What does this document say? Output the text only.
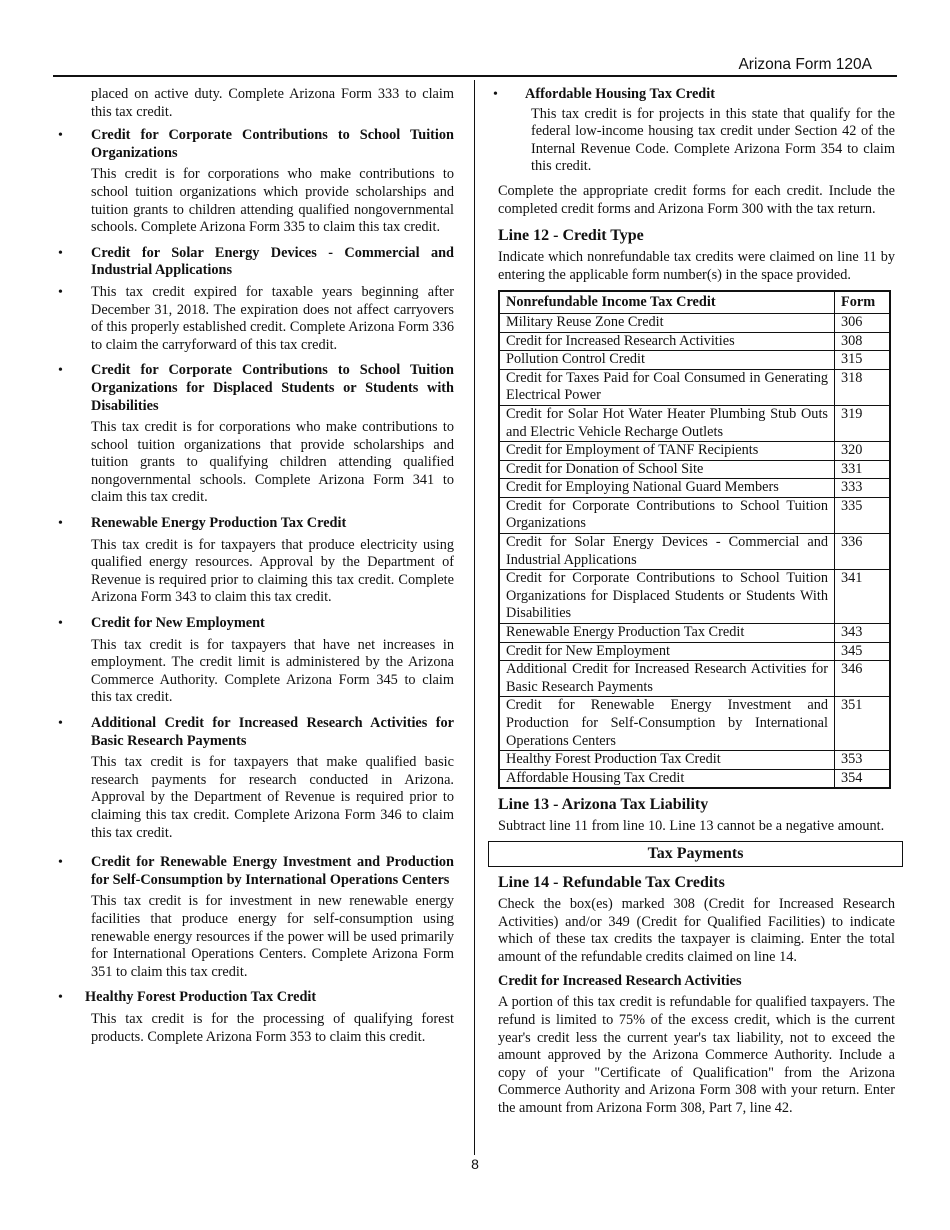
Arizona Form 120A

placed on active duty. Complete Arizona Form 333 to claim this tax credit.

• Credit for Corporate Contributions to School Tuition Organizations

This credit is for corporations who make contributions to school tuition organizations which provide scholarships and tuition grants to children attending qualified nongovernmental schools. Complete Arizona Form 335 to claim this tax credit.

• Credit for Solar Energy Devices - Commercial and Industrial Applications

• This tax credit expired for taxable years beginning after December 31, 2018. The expiration does not affect carryovers of this properly established credit. Complete Arizona Form 336 to claim the carryforward of this tax credit.

• Credit for Corporate Contributions to School Tuition Organizations for Displaced Students or Students with Disabilities

This tax credit is for corporations who make contributions to school tuition organizations that provide scholarships and tuition grants to qualifying children attending qualified nongovernmental schools. Complete Arizona Form 341 to claim this tax credit.

• Renewable Energy Production Tax Credit

This tax credit is for taxpayers that produce electricity using qualified energy resources. Approval by the Department of Revenue is required prior to claiming this tax credit. Complete Arizona Form 343 to claim this tax credit.

• Credit for New Employment

This tax credit is for taxpayers that have net increases in employment. The credit limit is administered by the Arizona Commerce Authority. Complete Arizona Form 345 to claim this tax credit.

• Additional Credit for Increased Research Activities for Basic Research Payments

This tax credit is for taxpayers that make qualified basic research payments for research conducted in Arizona. Approval by the Department of Revenue is required prior to claiming this tax credit. Complete Arizona Form 346 to claim this tax credit.

• Credit for Renewable Energy Investment and Production for Self-Consumption by International Operations Centers

This tax credit is for investment in new renewable energy facilities that produce energy for self-consumption using renewable energy resources if the power will be used primarily for International Operations Centers. Complete Arizona Form 351 to claim this tax credit.

• Healthy Forest Production Tax Credit

This tax credit is for the processing of qualifying forest products. Complete Arizona Form 353 to claim this credit.

• Affordable Housing Tax Credit

This tax credit is for projects in this state that qualify for the federal low-income housing tax credit under Section 42 of the Internal Revenue Code. Complete Arizona Form 354 to claim this credit.

Complete the appropriate credit forms for each credit. Include the completed credit forms and Arizona Form 300 with the tax return.

Line 12 - Credit Type

Indicate which nonrefundable tax credits were claimed on line 11 by entering the applicable form number(s) in the space provided.

Nonrefundable Income Tax Credit	Form
Military Reuse Zone Credit	306
Credit for Increased Research Activities	308
Pollution Control Credit	315
Credit for Taxes Paid for Coal Consumed in Generating Electrical Power	318
Credit for Solar Hot Water Heater Plumbing Stub Outs and Electric Vehicle Recharge Outlets	319
Credit for Employment of TANF Recipients	320
Credit for Donation of School Site	331
Credit for Employing National Guard Members	333
Credit for Corporate Contributions to School Tuition Organizations	335
Credit for Solar Energy Devices - Commercial and Industrial Applications	336
Credit for Corporate Contributions to School Tuition Organizations for Displaced Students or Students With Disabilities	341
Renewable Energy Production Tax Credit	343
Credit for New Employment	345
Additional Credit for Increased Research Activities for Basic Research Payments	346
Credit for Renewable Energy Investment and Production for Self-Consumption by International Operations Centers	351
Healthy Forest Production Tax Credit	353
Affordable Housing Tax Credit	354

Line 13 - Arizona Tax Liability

Subtract line 11 from line 10. Line 13 cannot be a negative amount.

Tax Payments

Line 14 - Refundable Tax Credits

Check the box(es) marked 308 (Credit for Increased Research Activities) and/or 349 (Credit for Qualified Facilities) to indicate which of these tax credits the taxpayer is claiming. Enter the total amount of the refundable credits claimed on line 14.

Credit for Increased Research Activities

A portion of this tax credit is refundable for qualified taxpayers. The refund is limited to 75% of the excess credit, which is the current year's credit less the current year's tax liability, not to exceed the amount approved by the Arizona Commerce Authority. Include a copy of your "Certificate of Qualification" from the Arizona Commerce Authority and Arizona Form 308 with your return. Enter the amount from Arizona Form 308, Part 7, line 42.

8
